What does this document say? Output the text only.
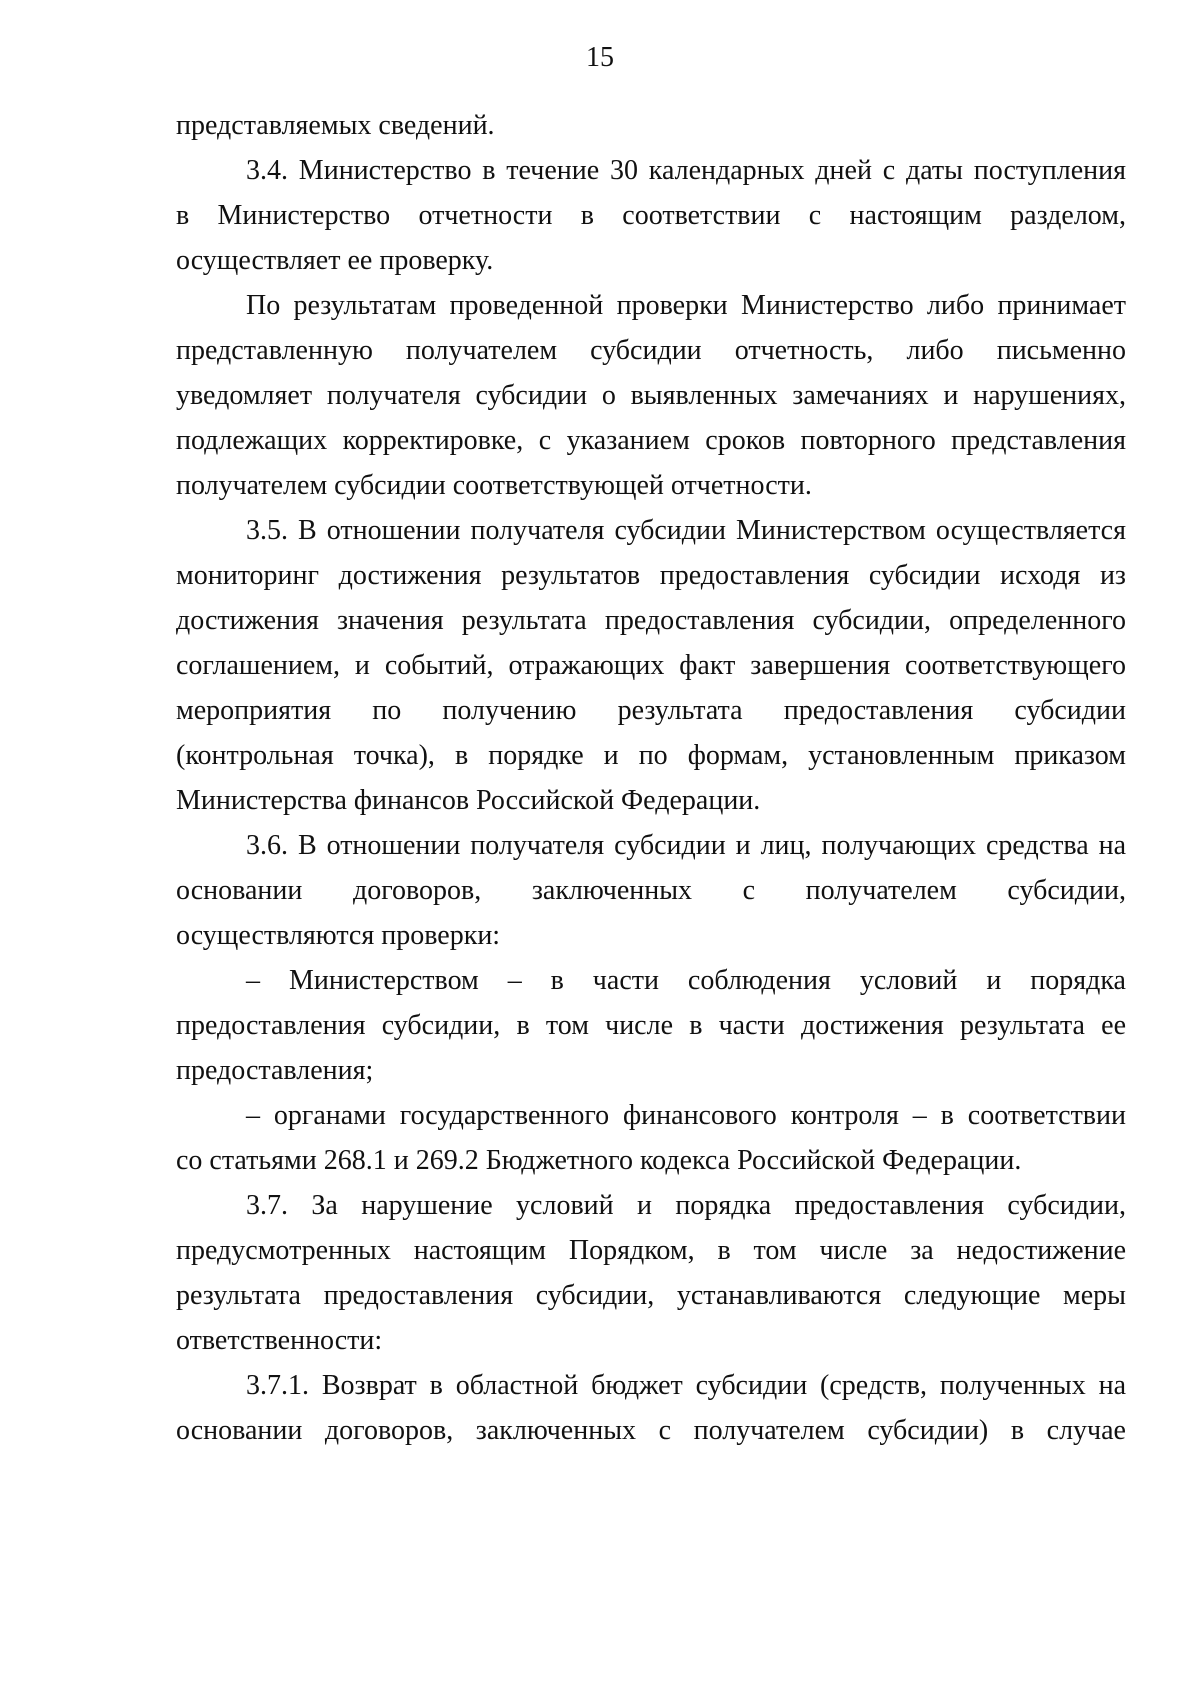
15
представляемых сведений.
3.4. Министерство в течение 30 календарных дней с даты поступления
в Министерство отчетности в соответствии с настоящим разделом,
осуществляет ее проверку.
По результатам проведенной проверки Министерство либо принимает
представленную получателем субсидии отчетность, либо письменно
уведомляет получателя субсидии о выявленных замечаниях и нарушениях,
подлежащих корректировке, с указанием сроков повторного представления
получателем субсидии соответствующей отчетности.
3.5. В отношении получателя субсидии Министерством осуществляется
мониторинг достижения результатов предоставления субсидии исходя из
достижения значения результата предоставления субсидии, определенного
соглашением, и событий, отражающих факт завершения соответствующего
мероприятия по получению результата предоставления субсидии
(контрольная точка), в порядке и по формам, установленным приказом
Министерства финансов Российской Федерации.
3.6. В отношении получателя субсидии и лиц, получающих средства на
основании договоров, заключенных с получателем субсидии,
осуществляются проверки:
– Министерством – в части соблюдения условий и порядка
предоставления субсидии, в том числе в части достижения результата ее
предоставления;
– органами государственного финансового контроля – в соответствии
со статьями 268.1 и 269.2 Бюджетного кодекса Российской Федерации.
3.7. За нарушение условий и порядка предоставления субсидии,
предусмотренных настоящим Порядком, в том числе за недостижение
результата предоставления субсидии, устанавливаются следующие меры
ответственности:
3.7.1. Возврат в областной бюджет субсидии (средств, полученных на
основании договоров, заключенных с получателем субсидии) в случае
